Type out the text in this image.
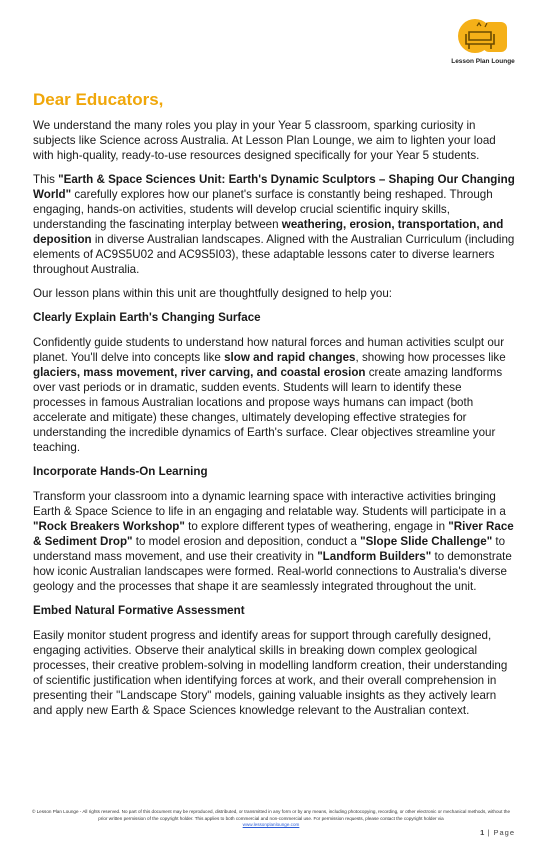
Lesson Plan Lounge
Dear Educators,

We understand the many roles you play in your Year 5 classroom, sparking curiosity in subjects like Science across Australia. At Lesson Plan Lounge, we aim to lighten your load with high-quality, ready-to-use resources designed specifically for your Year 5 students.

This "Earth & Space Sciences Unit: Earth's Dynamic Sculptors – Shaping Our Changing World" carefully explores how our planet's surface is constantly being reshaped. Through engaging, hands-on activities, students will develop crucial scientific inquiry skills, understanding the fascinating interplay between weathering, erosion, transportation, and deposition in diverse Australian landscapes. Aligned with the Australian Curriculum (including elements of AC9S5U02 and AC9S5I03), these adaptable lessons cater to diverse learners throughout Australia.

Our lesson plans within this unit are thoughtfully designed to help you:

Clearly Explain Earth's Changing Surface

Confidently guide students to understand how natural forces and human activities sculpt our planet. You'll delve into concepts like slow and rapid changes, showing how processes like glaciers, mass movement, river carving, and coastal erosion create amazing landforms over vast periods or in dramatic, sudden events. Students will learn to identify these processes in famous Australian locations and propose ways humans can impact (both accelerate and mitigate) these changes, ultimately developing effective strategies for understanding the incredible dynamics of Earth's surface. Clear objectives streamline your teaching.

Incorporate Hands-On Learning

Transform your classroom into a dynamic learning space with interactive activities bringing Earth & Space Science to life in an engaging and relatable way. Students will participate in a "Rock Breakers Workshop" to explore different types of weathering, engage in "River Race & Sediment Drop" to model erosion and deposition, conduct a "Slope Slide Challenge" to understand mass movement, and use their creativity in "Landform Builders" to demonstrate how iconic Australian landscapes were formed. Real-world connections to Australia's diverse geology and the processes that shape it are seamlessly integrated throughout the unit.

Embed Natural Formative Assessment

Easily monitor student progress and identify areas for support through carefully designed, engaging activities. Observe their analytical skills in breaking down complex geological processes, their creative problem-solving in modelling landform creation, their understanding of scientific justification when identifying forces at work, and their overall comprehension in presenting their "Landscape Story" models, gaining valuable insights as they actively learn and apply new Earth & Space Sciences knowledge relevant to the Australian context.

© Lesson Plan Lounge - All rights reserved. No part of this document may be reproduced, distributed, or transmitted in any form or by any means, including photocopying, recording, or other electronic or mechanical methods, without the prior written permission of the copyright holder. This applies to both commercial and non-commercial use. For permission requests, please contact the copyright holder via
www.lessonplanlounge.com
1 | Page
